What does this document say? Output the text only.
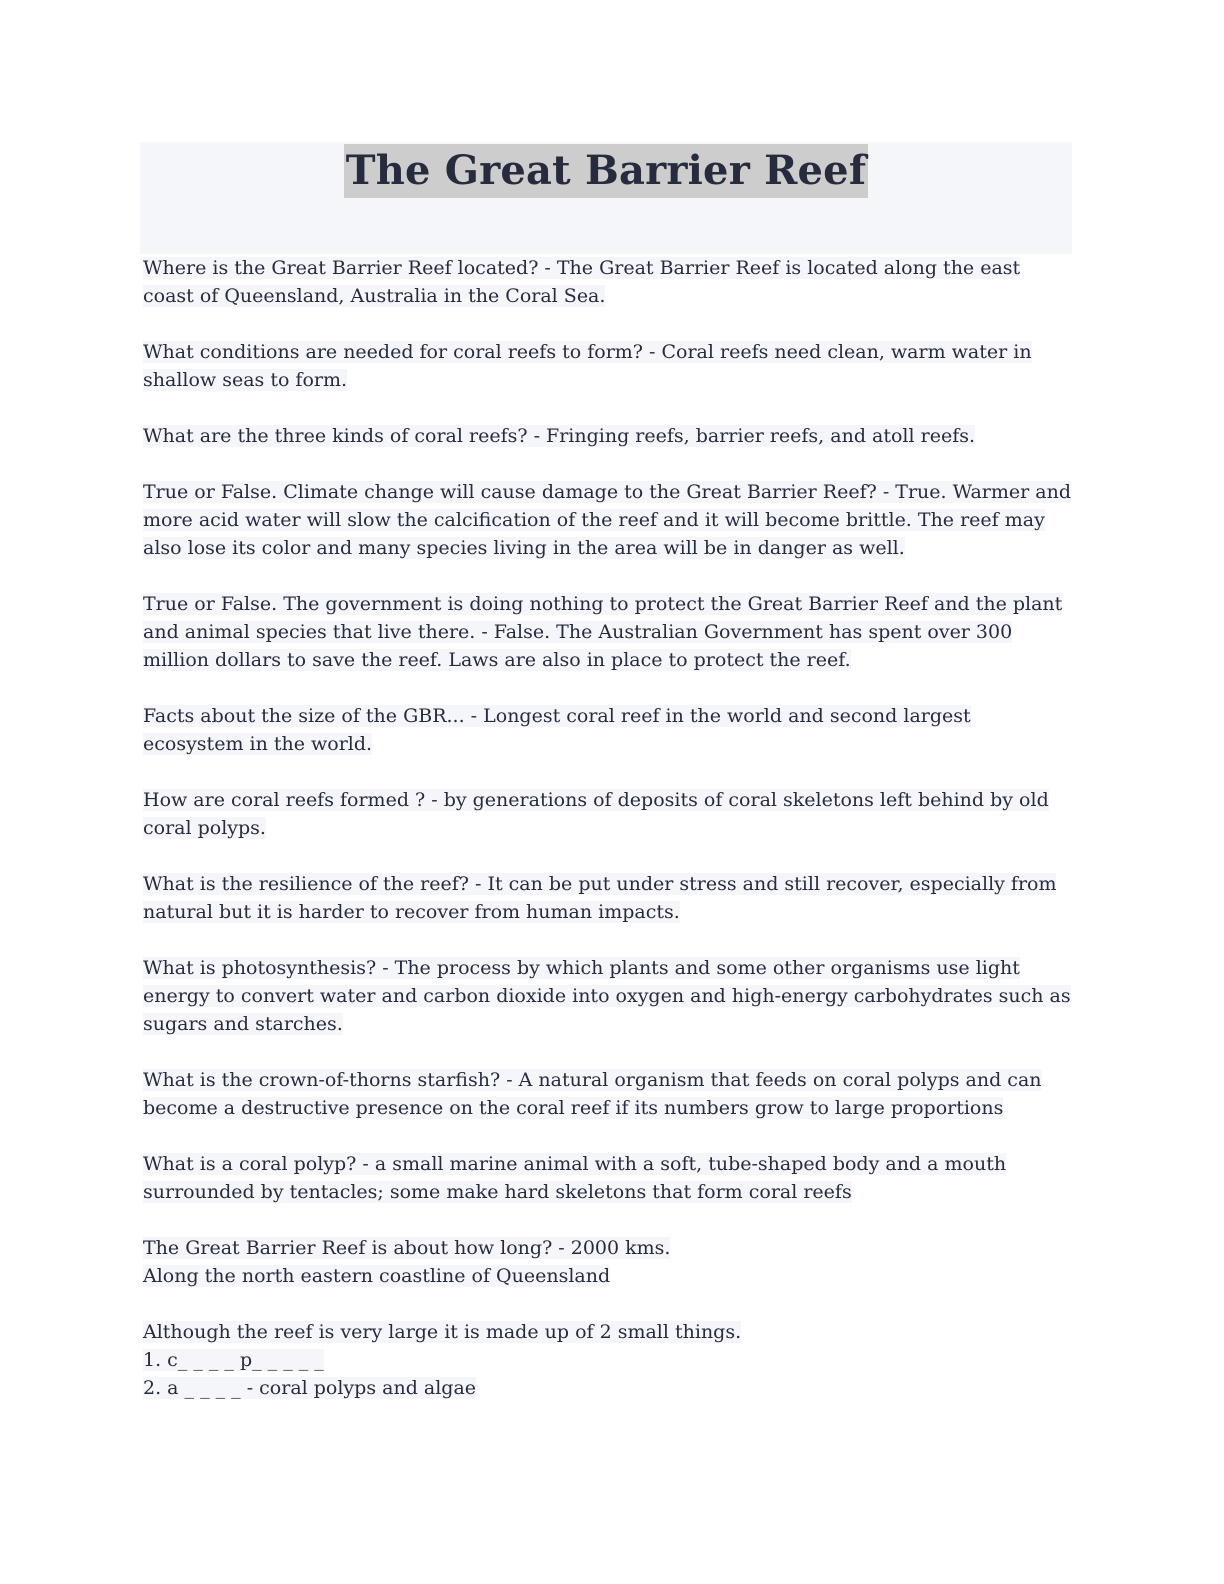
The Great Barrier Reef

Where is the Great Barrier Reef located? - The Great Barrier Reef is located along the east coast of Queensland, Australia in the Coral Sea.

What conditions are needed for coral reefs to form? - Coral reefs need clean, warm water in shallow seas to form.

What are the three kinds of coral reefs? - Fringing reefs, barrier reefs, and atoll reefs.

True or False. Climate change will cause damage to the Great Barrier Reef? - True. Warmer and more acid water will slow the calcification of the reef and it will become brittle. The reef may also lose its color and many species living in the area will be in danger as well.

True or False. The government is doing nothing to protect the Great Barrier Reef and the plant and animal species that live there. - False. The Australian Government has spent over 300 million dollars to save the reef. Laws are also in place to protect the reef.

Facts about the size of the GBR... - Longest coral reef in the world and second largest ecosystem in the world.

How are coral reefs formed ? - by generations of deposits of coral skeletons left behind by old coral polyps.

What is the resilience of the reef? - It can be put under stress and still recover, especially from natural but it is harder to recover from human impacts.

What is photosynthesis? - The process by which plants and some other organisms use light energy to convert water and carbon dioxide into oxygen and high-energy carbohydrates such as sugars and starches.

What is the crown-of-thorns starfish? - A natural organism that feeds on coral polyps and can become a destructive presence on the coral reef if its numbers grow to large proportions

What is a coral polyp? - a small marine animal with a soft, tube-shaped body and a mouth surrounded by tentacles; some make hard skeletons that form coral reefs

The Great Barrier Reef is about how long? - 2000 kms.
Along the north eastern coastline of Queensland

Although the reef is very large it is made up of 2 small things.
1. c_ _ _ _ p_ _ _ _ _
2. a _ _ _ _ - coral polyps and algae
